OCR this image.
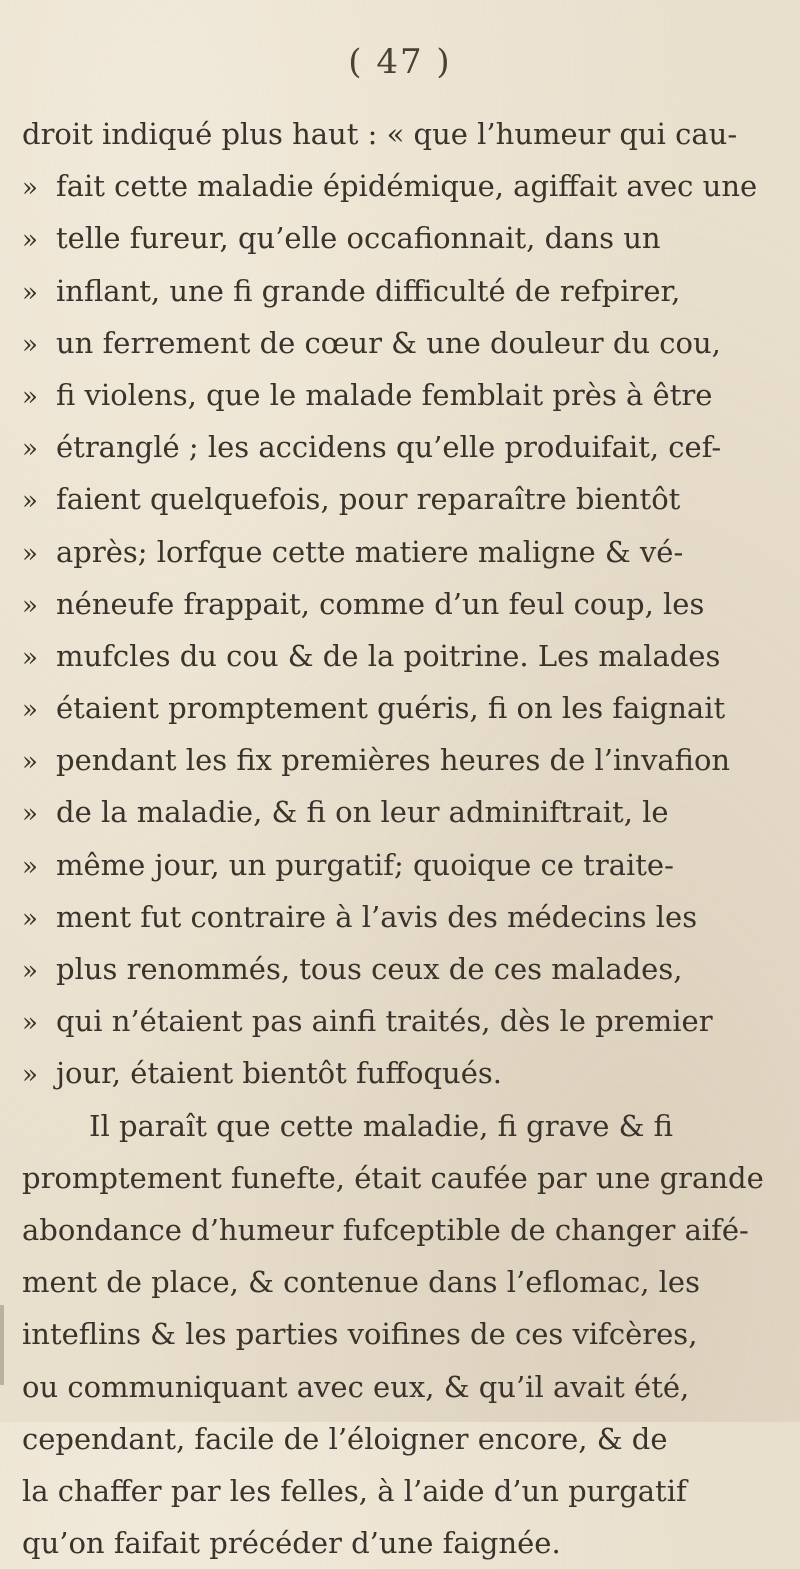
( 47 )
droit indiqué plus haut : « que l’humeur qui cau-
» fait cette maladie épidémique, agiffait avec une
» telle fureur, qu’elle occafionnait, dans un
» inflant, une fi grande difficulté de refpirer,
» un ferrement de cœur & une douleur du cou,
» fi violens, que le malade femblait près à être
» étranglé ; les accidens qu’elle produifait, cef-
» faient quelquefois, pour reparaître bientôt
» après; lorfque cette matiere maligne & vé-
» néneufe frappait, comme d’un feul coup, les
» mufcles du cou & de la poitrine. Les malades
» étaient promptement guéris, fi on les faignait
» pendant les fix premières heures de l’invafion
» de la maladie, & fi on leur adminiftrait, le
» même jour, un purgatif; quoique ce traite-
» ment fut contraire à l’avis des médecins les
» plus renommés, tous ceux de ces malades,
» qui n’étaient pas ainfi traités, dès le premier
» jour, étaient bientôt fuffoqués.
Il paraît que cette maladie, fi grave & fi
promptement funefte, était caufée par une grande
abondance d’humeur fufceptible de changer aifé-
ment de place, & contenue dans l’eflomac, les
inteflins & les parties voifines de ces vifcères,
ou communiquant avec eux, & qu’il avait été,
cependant, facile de l’éloigner encore, & de
la chaffer par les felles, à l’aide d’un purgatif
qu’on faifait précéder d’une faignée.
